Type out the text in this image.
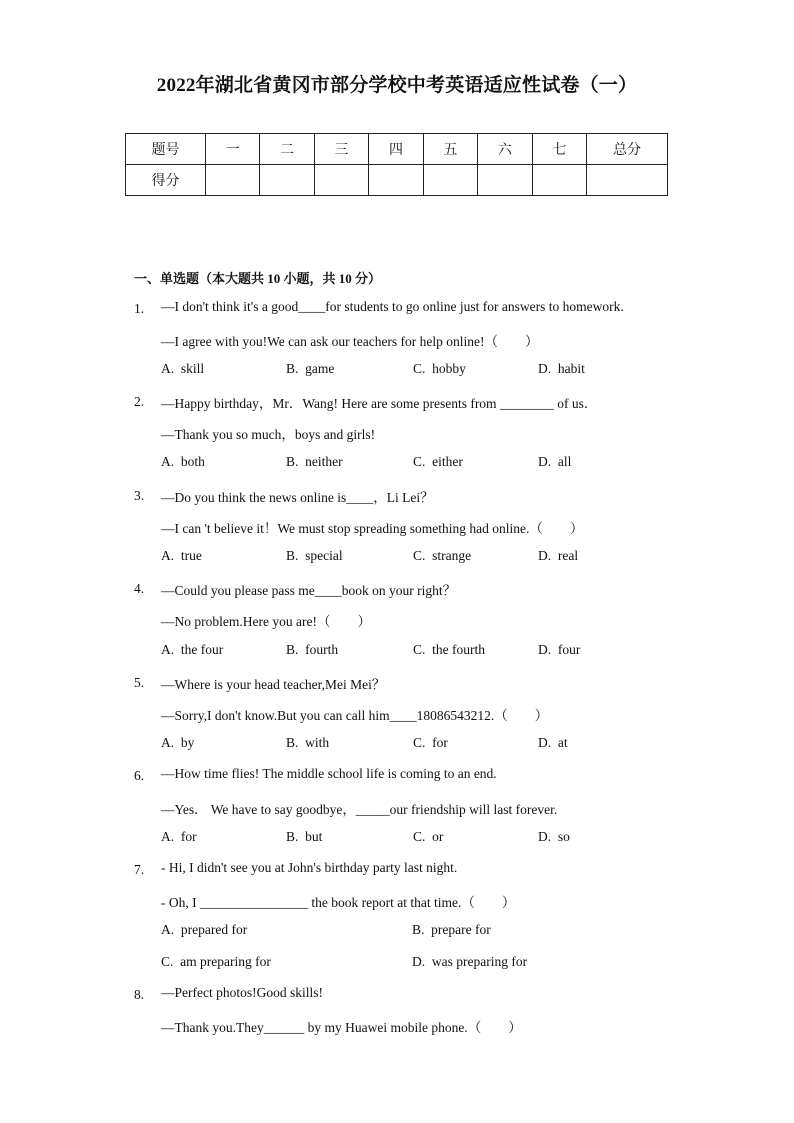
2022年湖北省黄冈市部分学校中考英语适应性试卷（一）
题号	一	二	三	四	五	六	七	总分
得分								
一、单选题（本大题共 10 小题，共 10 分）
1. —I don't think it's a good____for students to go online just for answers to homework.
—I agree with you!We can ask our teachers for help online!（　　）
A.  skill	B.  game	C.  hobby	D.  habit
2. —Happy birthday，Mr．Wang! Here are some presents from ________ of us．
—Thank you so much，boys and girls!
A.  both	B.  neither	C.  either	D.  all
3. —Do you think the news online is____，Li Lei？
—I can 't believe it！We must stop spreading something had online.（　　）
A.  true	B.  special	C.  strange	D.  real
4. —Could you please pass me____book on your right？
—No problem.Here you are!（　　）
A.  the four	B.  fourth	C.  the fourth	D.  four
5. —Where is your head teacher,Mei Mei？
—Sorry,I don't know.But you can call him____18086543212.（　　）
A.  by	B.  with	C.  for	D.  at
6. —How time flies! The middle school life is coming to an end.
—Yes． We have to say goodbye，_____our friendship will last forever.
A.  for	B.  but	C.  or	D.  so
7. - Hi, I didn't see you at John's birthday party last night.
- Oh, I ________________ the book report at that time.（　　）
A.  prepared for	B.  prepare for
C.  am preparing for	D.  was preparing for
8. —Perfect photos!Good skills!
—Thank you.They______ by my Huawei mobile phone.（　　）
